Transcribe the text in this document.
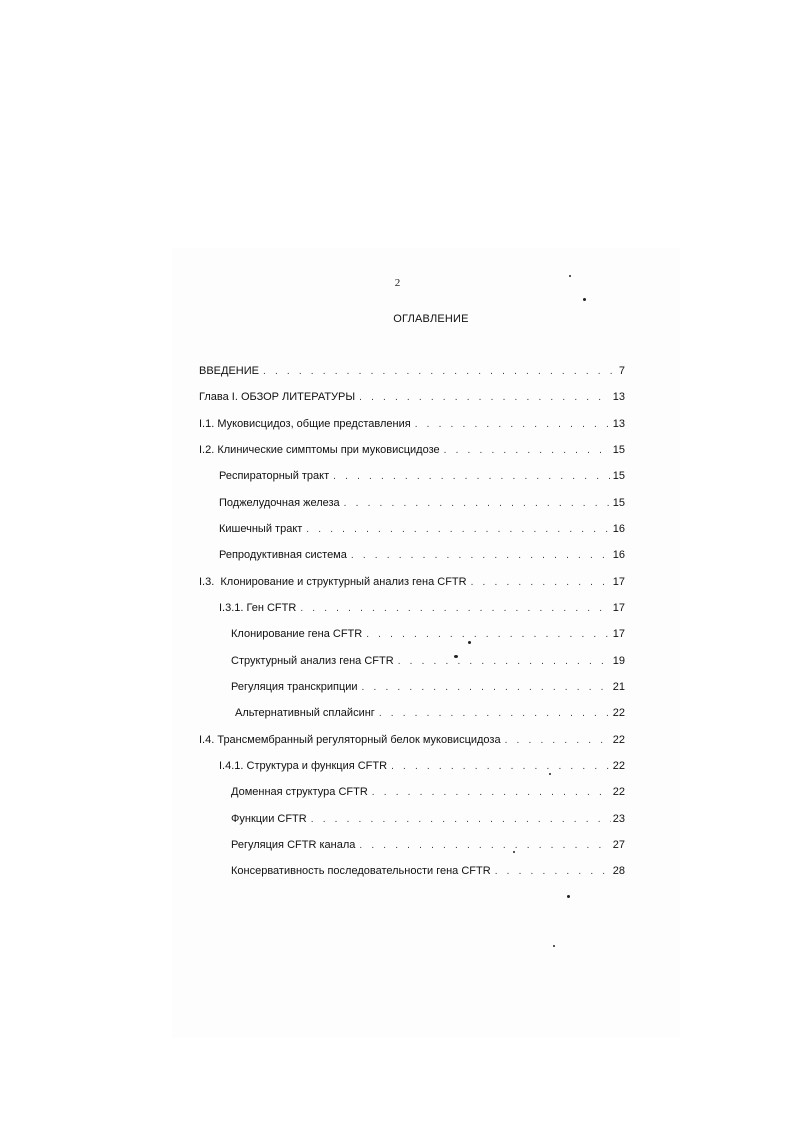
2
ОГЛАВЛЕНИЕ
ВВЕДЕНИЕ . . .	7
Глава I. ОБЗОР ЛИТЕРАТУРЫ . . .	13
I.1. Муковисцидоз, общие представления . . .	13
I.2. Клинические симптомы при муковисцидозе . . .	15
Респираторный тракт . . .	15
Поджелудочная железа . . .	15
Кишечный тракт . . .	16
Репродуктивная система . . .	16
I.3.  Клонирование и структурный анализ гена CFTR . . .	17
I.3.1. Ген CFTR . . .	17
Клонирование гена CFTR . . .	17
Структурный анализ гена CFTR . . .	19
Регуляция транскрипции . . .	21
Альтернативный сплайсинг . . .	22
I.4. Трансмембранный регуляторный белок муковисцидоза . . .	22
I.4.1. Структура и функция CFTR . . .	22
Доменная структура CFTR . . .	22
Функции CFTR . . .	23
Регуляция CFTR канала . . .	27
Консервативность последовательности гена CFTR . . .	28
